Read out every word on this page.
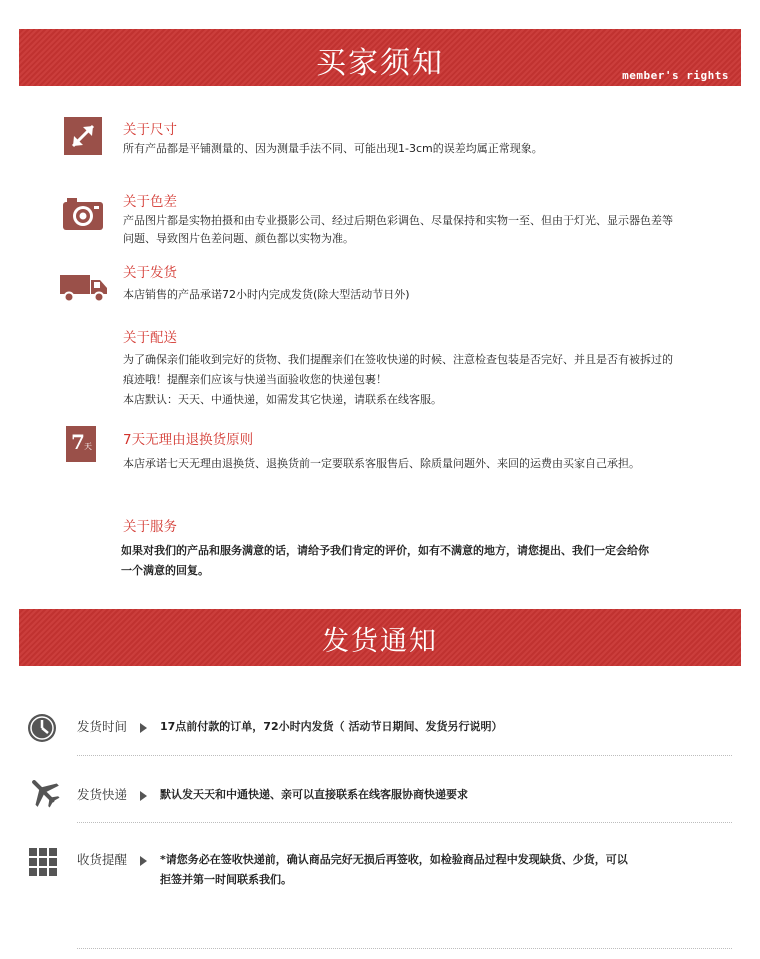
买家须知	member's rights
7 天
关于尺寸
所有产品都是平铺测量的、因为测量手法不同、可能出现1-3cm的误差均属正常现象。
关于色差
产品图片都是实物拍摄和由专业摄影公司、经过后期色彩调色、尽量保持和实物一至、但由于灯光、显示器色差等
问题、导致图片色差问题、颜色都以实物为准。
关于发货
本店销售的产品承诺72小时内完成发货(除大型活动节日外)
关于配送
为了确保亲们能收到完好的货物、我们提醒亲们在签收快递的时候、注意检查包装是否完好、并且是否有被拆过的
痕迹哦！提醒亲们应该与快递当面验收您的快递包裹！
本店默认：天天、中通快递，如需发其它快递，请联系在线客服。
7天无理由退换货原则
本店承诺七天无理由退换货、退换货前一定要联系客服售后、除质量问题外、来回的运费由买家自己承担。
关于服务
如果对我们的产品和服务满意的话，请给予我们肯定的评价，如有不满意的地方，请您提出、我们一定会给你
一个满意的回复。
发货通知
发货时间	17点前付款的订单，72小时内发货（ 活动节日期间、发货另行说明）
发货快递	默认发天天和中通快递、亲可以直接联系在线客服协商快递要求
收货提醒	*请您务必在签收快递前，确认商品完好无损后再签收，如检验商品过程中发现缺货、少货，可以
拒签并第一时间联系我们。
